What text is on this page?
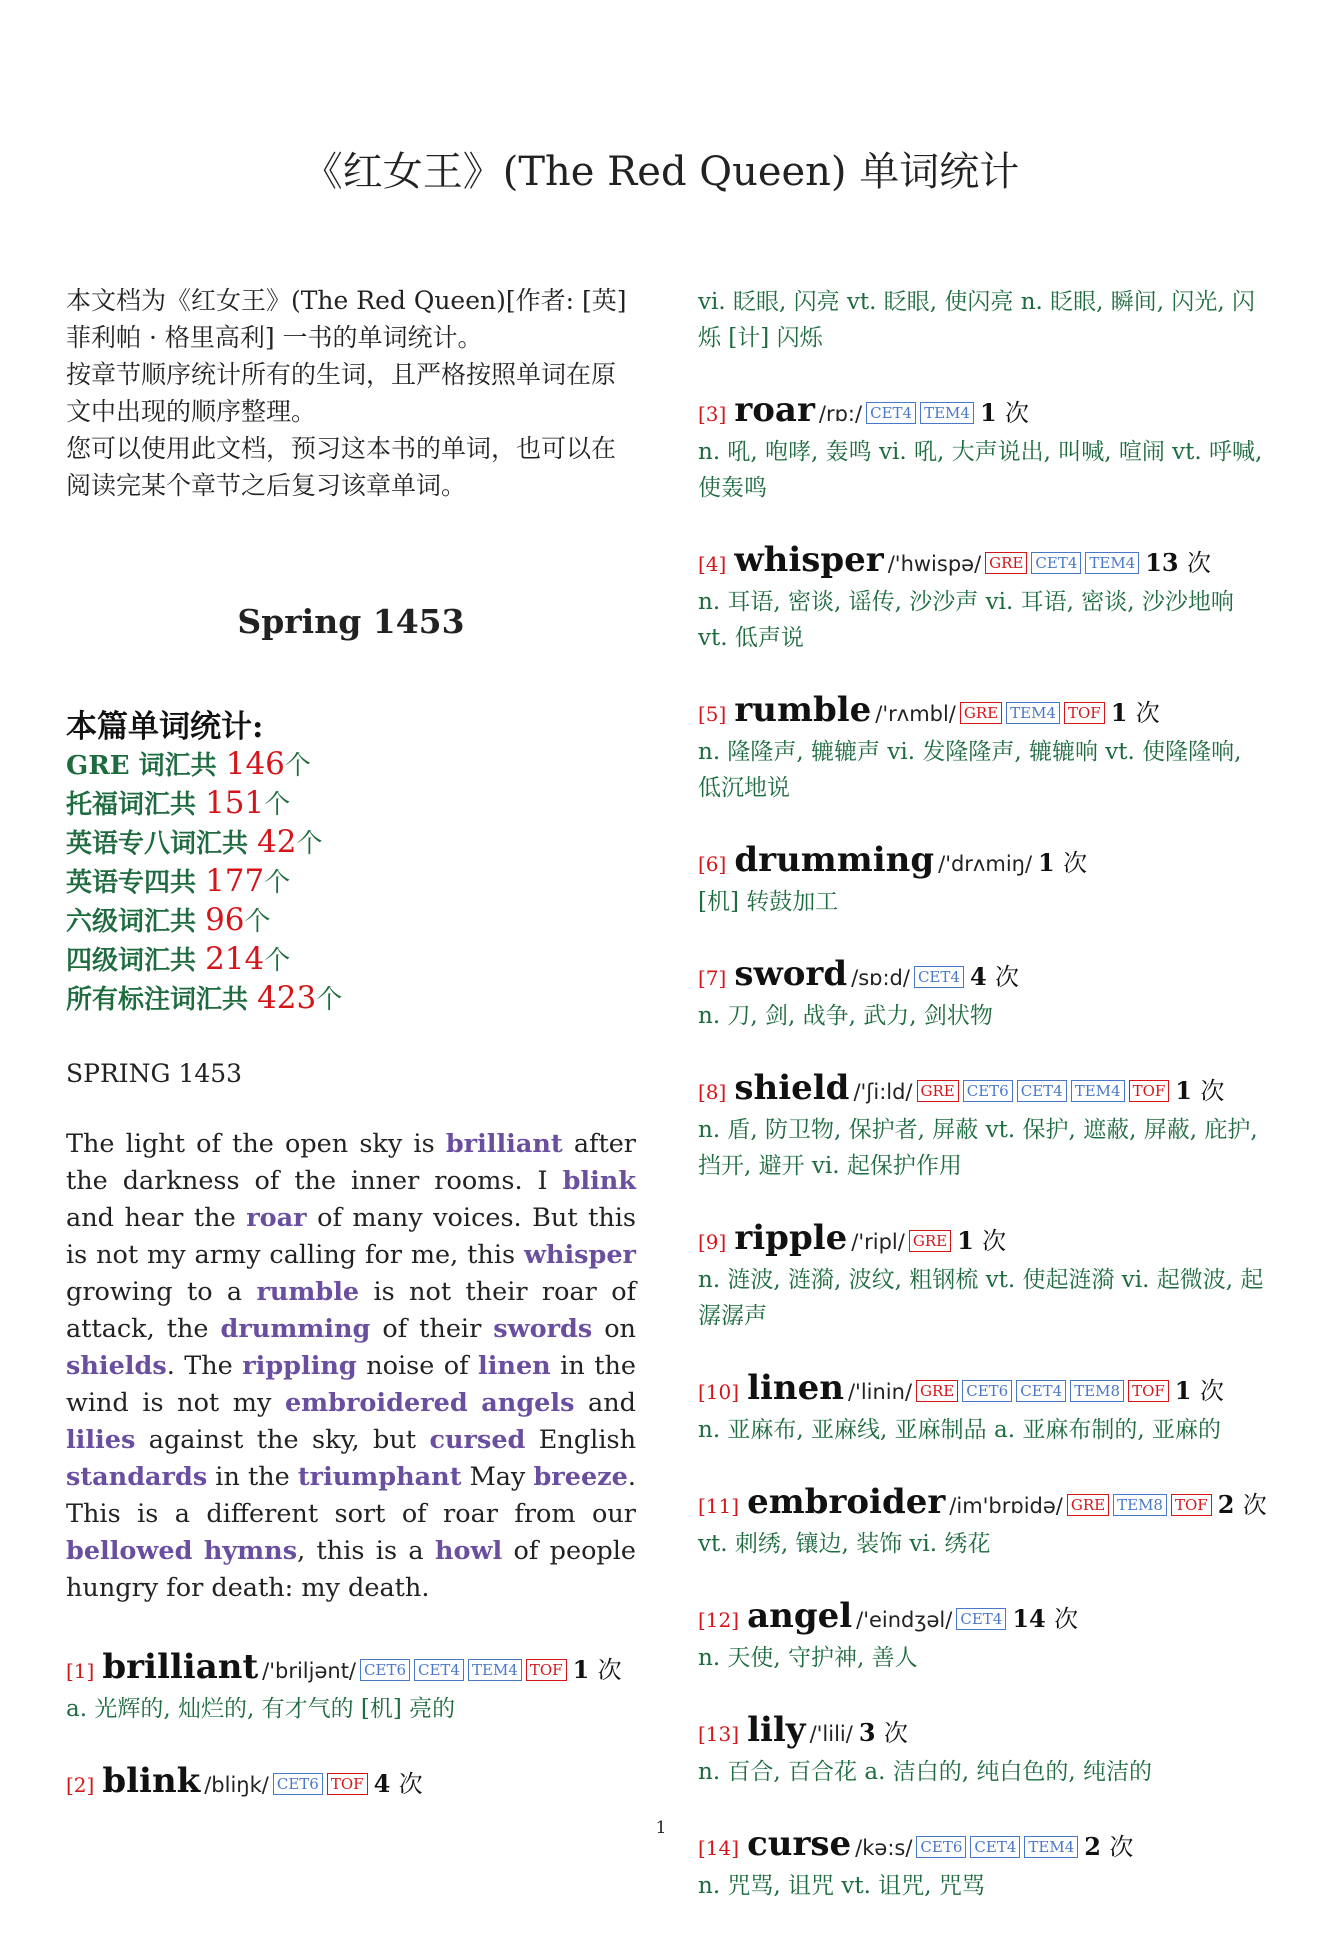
《红女王》(The Red Queen) 单词统计

本文档为《红女王》(The Red Queen)[作者: [英] 菲利帕 · 格里高利] 一书的单词统计。

按章节顺序统计所有的生词，且严格按照单词在原文中出现的顺序整理。

您可以使用此文档，预习这本书的单词，也可以在阅读完某个章节之后复习该章单词。

Spring 1453
本篇单词统计:
GRE 词汇共 146个
托福词汇共 151个
英语专八词汇共 42个
英语专四共 177个
六级词汇共 96个
四级词汇共 214个
所有标注词汇共 423个
SPRING 1453
The light of the open sky is brilliant after the darkness of the inner rooms. I blink and hear the roar of many voices. But this is not my army calling for me, this whisper growing to a rumble is not their roar of attack, the drumming of their swords on shields. The rippling noise of linen in the wind is not my embroidered angels and lilies against the sky, but cursed English standards in the triumphant May breeze. This is a different sort of roar from our bellowed hymns, this is a howl of people hungry for death: my death.
[1] brilliant /'briljənt/ CET6 CET4 TEM4 TOF 1 次
a. 光辉的, 灿烂的, 有才气的 [机] 亮的
[2] blink /bliŋk/ CET6 TOF 4 次
vi. 眨眼, 闪亮 vt. 眨眼, 使闪亮 n. 眨眼, 瞬间, 闪光, 闪烁 [计] 闪烁
[3] roar /rɒ:/ CET4 TEM4 1 次
n. 吼, 咆哮, 轰鸣 vi. 吼, 大声说出, 叫喊, 喧闹 vt. 呼喊, 使轰鸣
[4] whisper /'hwispə/ GRE CET4 TEM4 13 次
n. 耳语, 密谈, 谣传, 沙沙声 vi. 耳语, 密谈, 沙沙地响 vt. 低声说
[5] rumble /'rʌmbl/ GRE TEM4 TOF 1 次
n. 隆隆声, 辘辘声 vi. 发隆隆声, 辘辘响 vt. 使隆隆响, 低沉地说
[6] drumming /'drʌmiŋ/ 1 次
[机] 转鼓加工
[7] sword /sɒ:d/ CET4 4 次
n. 刀, 剑, 战争, 武力, 剑状物
[8] shield /'ʃi:ld/ GRE CET6 CET4 TEM4 TOF 1 次
n. 盾, 防卫物, 保护者, 屏蔽 vt. 保护, 遮蔽, 屏蔽, 庇护, 挡开, 避开 vi. 起保护作用
[9] ripple /'ripl/ GRE 1 次
n. 涟波, 涟漪, 波纹, 粗钢梳 vt. 使起涟漪 vi. 起微波, 起潺潺声
[10] linen /'linin/ GRE CET6 CET4 TEM8 TOF 1 次
n. 亚麻布, 亚麻线, 亚麻制品 a. 亚麻布制的, 亚麻的
[11] embroider /im'brɒidə/ GRE TEM8 TOF 2 次
vt. 刺绣, 镶边, 装饰 vi. 绣花
[12] angel /'eindʒəl/ CET4 14 次
n. 天使, 守护神, 善人
[13] lily /'lili/ 3 次
n. 百合, 百合花 a. 洁白的, 纯白色的, 纯洁的
[14] curse /kə:s/ CET6 CET4 TEM4 2 次
n. 咒骂, 诅咒 vt. 诅咒, 咒骂
1
